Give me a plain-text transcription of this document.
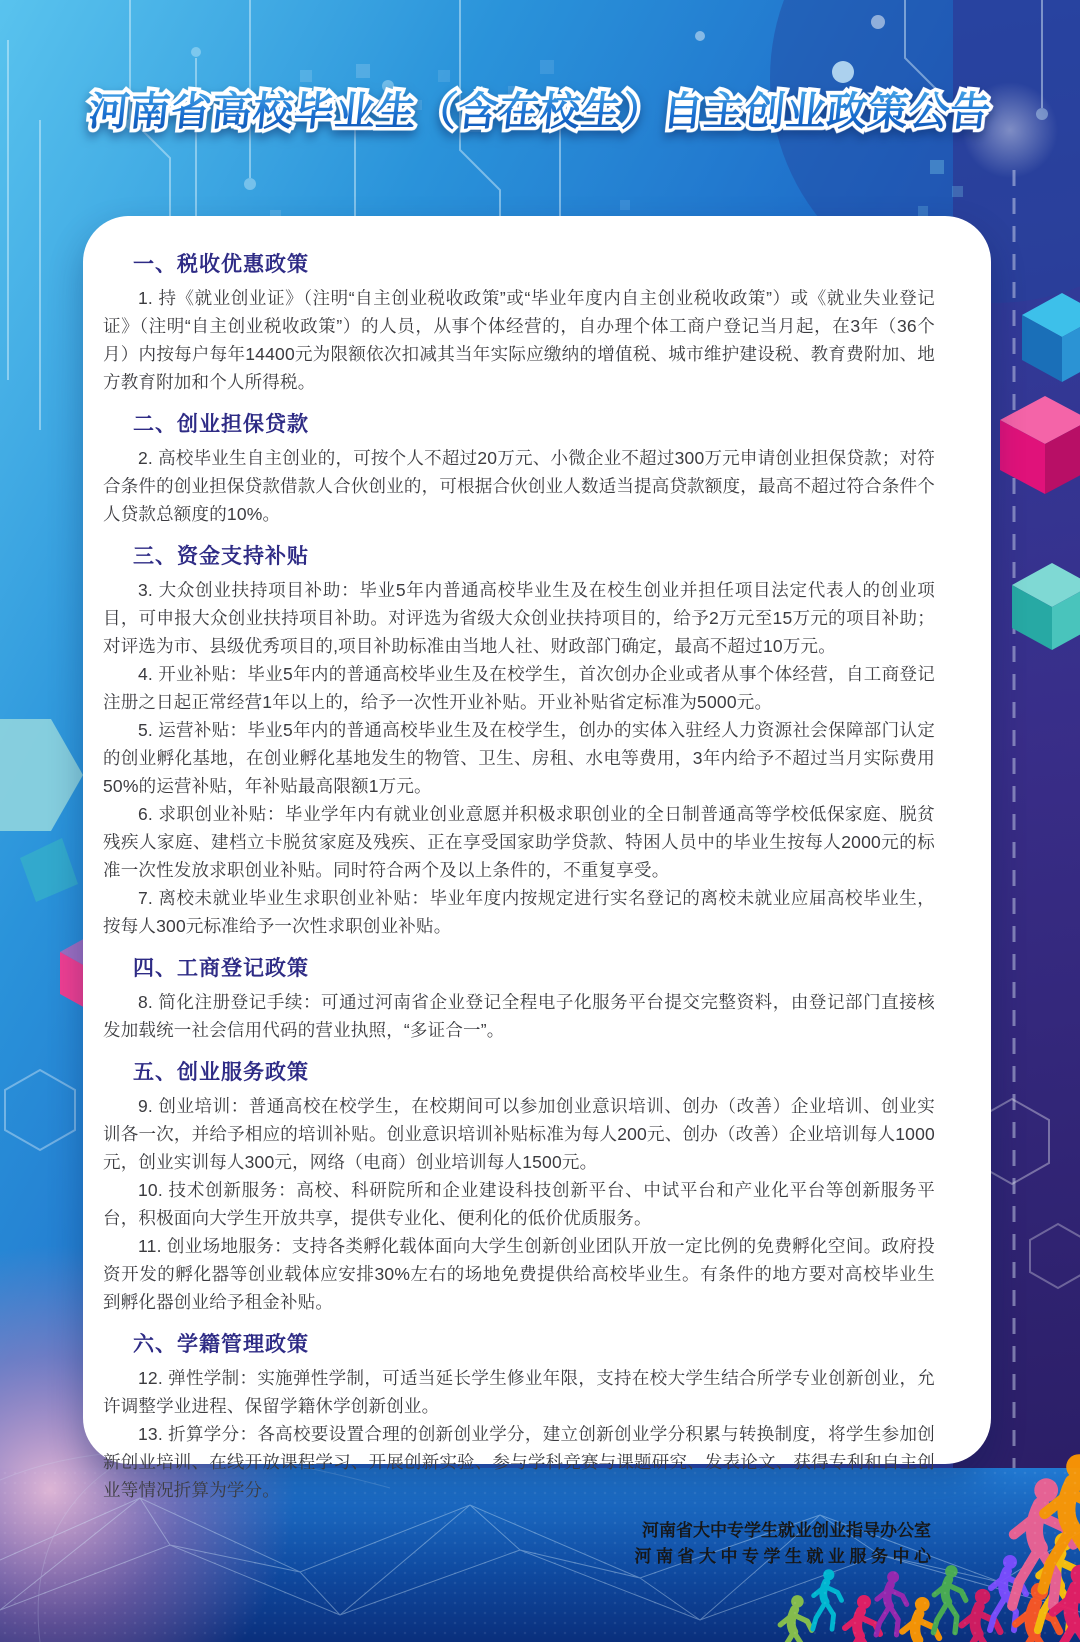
河南省高校毕业生（含在校生）自主创业政策公告 河南省高校毕业生（含在校生）自主创业政策公告
一、税收优惠政策

1. 持《就业创业证》（注明“自主创业税收政策”或“毕业年度内自主创业税收政策”）或《就业失业登记证》（注明“自主创业税收政策”）的人员，从事个体经营的，自办理个体工商户登记当月起，在3年（36个月）内按每户每年14400元为限额依次扣减其当年实际应缴纳的增值税、城市维护建设税、教育费附加、地方教育附加和个人所得税。

二、创业担保贷款

2. 高校毕业生自主创业的，可按个人不超过20万元、小微企业不超过300万元申请创业担保贷款；对符合条件的创业担保贷款借款人合伙创业的，可根据合伙创业人数适当提高贷款额度，最高不超过符合条件个人贷款总额度的10%。

三、资金支持补贴

3. 大众创业扶持项目补助：毕业5年内普通高校毕业生及在校生创业并担任项目法定代表人的创业项目，可申报大众创业扶持项目补助。对评选为省级大众创业扶持项目的，给予2万元至15万元的项目补助；对评选为市、县级优秀项目的,项目补助标准由当地人社、财政部门确定，最高不超过10万元。

4. 开业补贴：毕业5年内的普通高校毕业生及在校学生，首次创办企业或者从事个体经营，自工商登记注册之日起正常经营1年以上的，给予一次性开业补贴。开业补贴省定标准为5000元。

5. 运营补贴：毕业5年内的普通高校毕业生及在校学生，创办的实体入驻经人力资源社会保障部门认定的创业孵化基地，在创业孵化基地发生的物管、卫生、房租、水电等费用，3年内给予不超过当月实际费用50%的运营补贴，年补贴最高限额1万元。

6. 求职创业补贴：毕业学年内有就业创业意愿并积极求职创业的全日制普通高等学校低保家庭、脱贫残疾人家庭、建档立卡脱贫家庭及残疾、正在享受国家助学贷款、特困人员中的毕业生按每人2000元的标准一次性发放求职创业补贴。同时符合两个及以上条件的，不重复享受。

7. 离校未就业毕业生求职创业补贴：毕业年度内按规定进行实名登记的离校未就业应届高校毕业生，按每人300元标准给予一次性求职创业补贴。

四、工商登记政策

8. 简化注册登记手续：可通过河南省企业登记全程电子化服务平台提交完整资料，由登记部门直接核发加载统一社会信用代码的营业执照，“多证合一”。

五、创业服务政策

9. 创业培训：普通高校在校学生，在校期间可以参加创业意识培训、创办（改善）企业培训、创业实训各一次，并给予相应的培训补贴。创业意识培训补贴标准为每人200元、创办（改善）企业培训每人1000元，创业实训每人300元，网络（电商）创业培训每人1500元。

10. 技术创新服务：高校、科研院所和企业建设科技创新平台、中试平台和产业化平台等创新服务平台，积极面向大学生开放共享，提供专业化、便利化的低价优质服务。

11. 创业场地服务：支持各类孵化载体面向大学生创新创业团队开放一定比例的免费孵化空间。政府投资开发的孵化器等创业载体应安排30%左右的场地免费提供给高校毕业生。有条件的地方要对高校毕业生到孵化器创业给予租金补贴。

六、学籍管理政策

12. 弹性学制：实施弹性学制，可适当延长学生修业年限，支持在校大学生结合所学专业创新创业，允许调整学业进程、保留学籍休学创新创业。

13. 折算学分：各高校要设置合理的创新创业学分，建立创新创业学分积累与转换制度，将学生参加创新创业培训、在线开放课程学习、开展创新实验、参与学科竞赛与课题研究、发表论文、获得专利和自主创业等情况折算为学分。

河南省大中专学生就业创业指导办公室
河南省大中专学生就业服务中心
